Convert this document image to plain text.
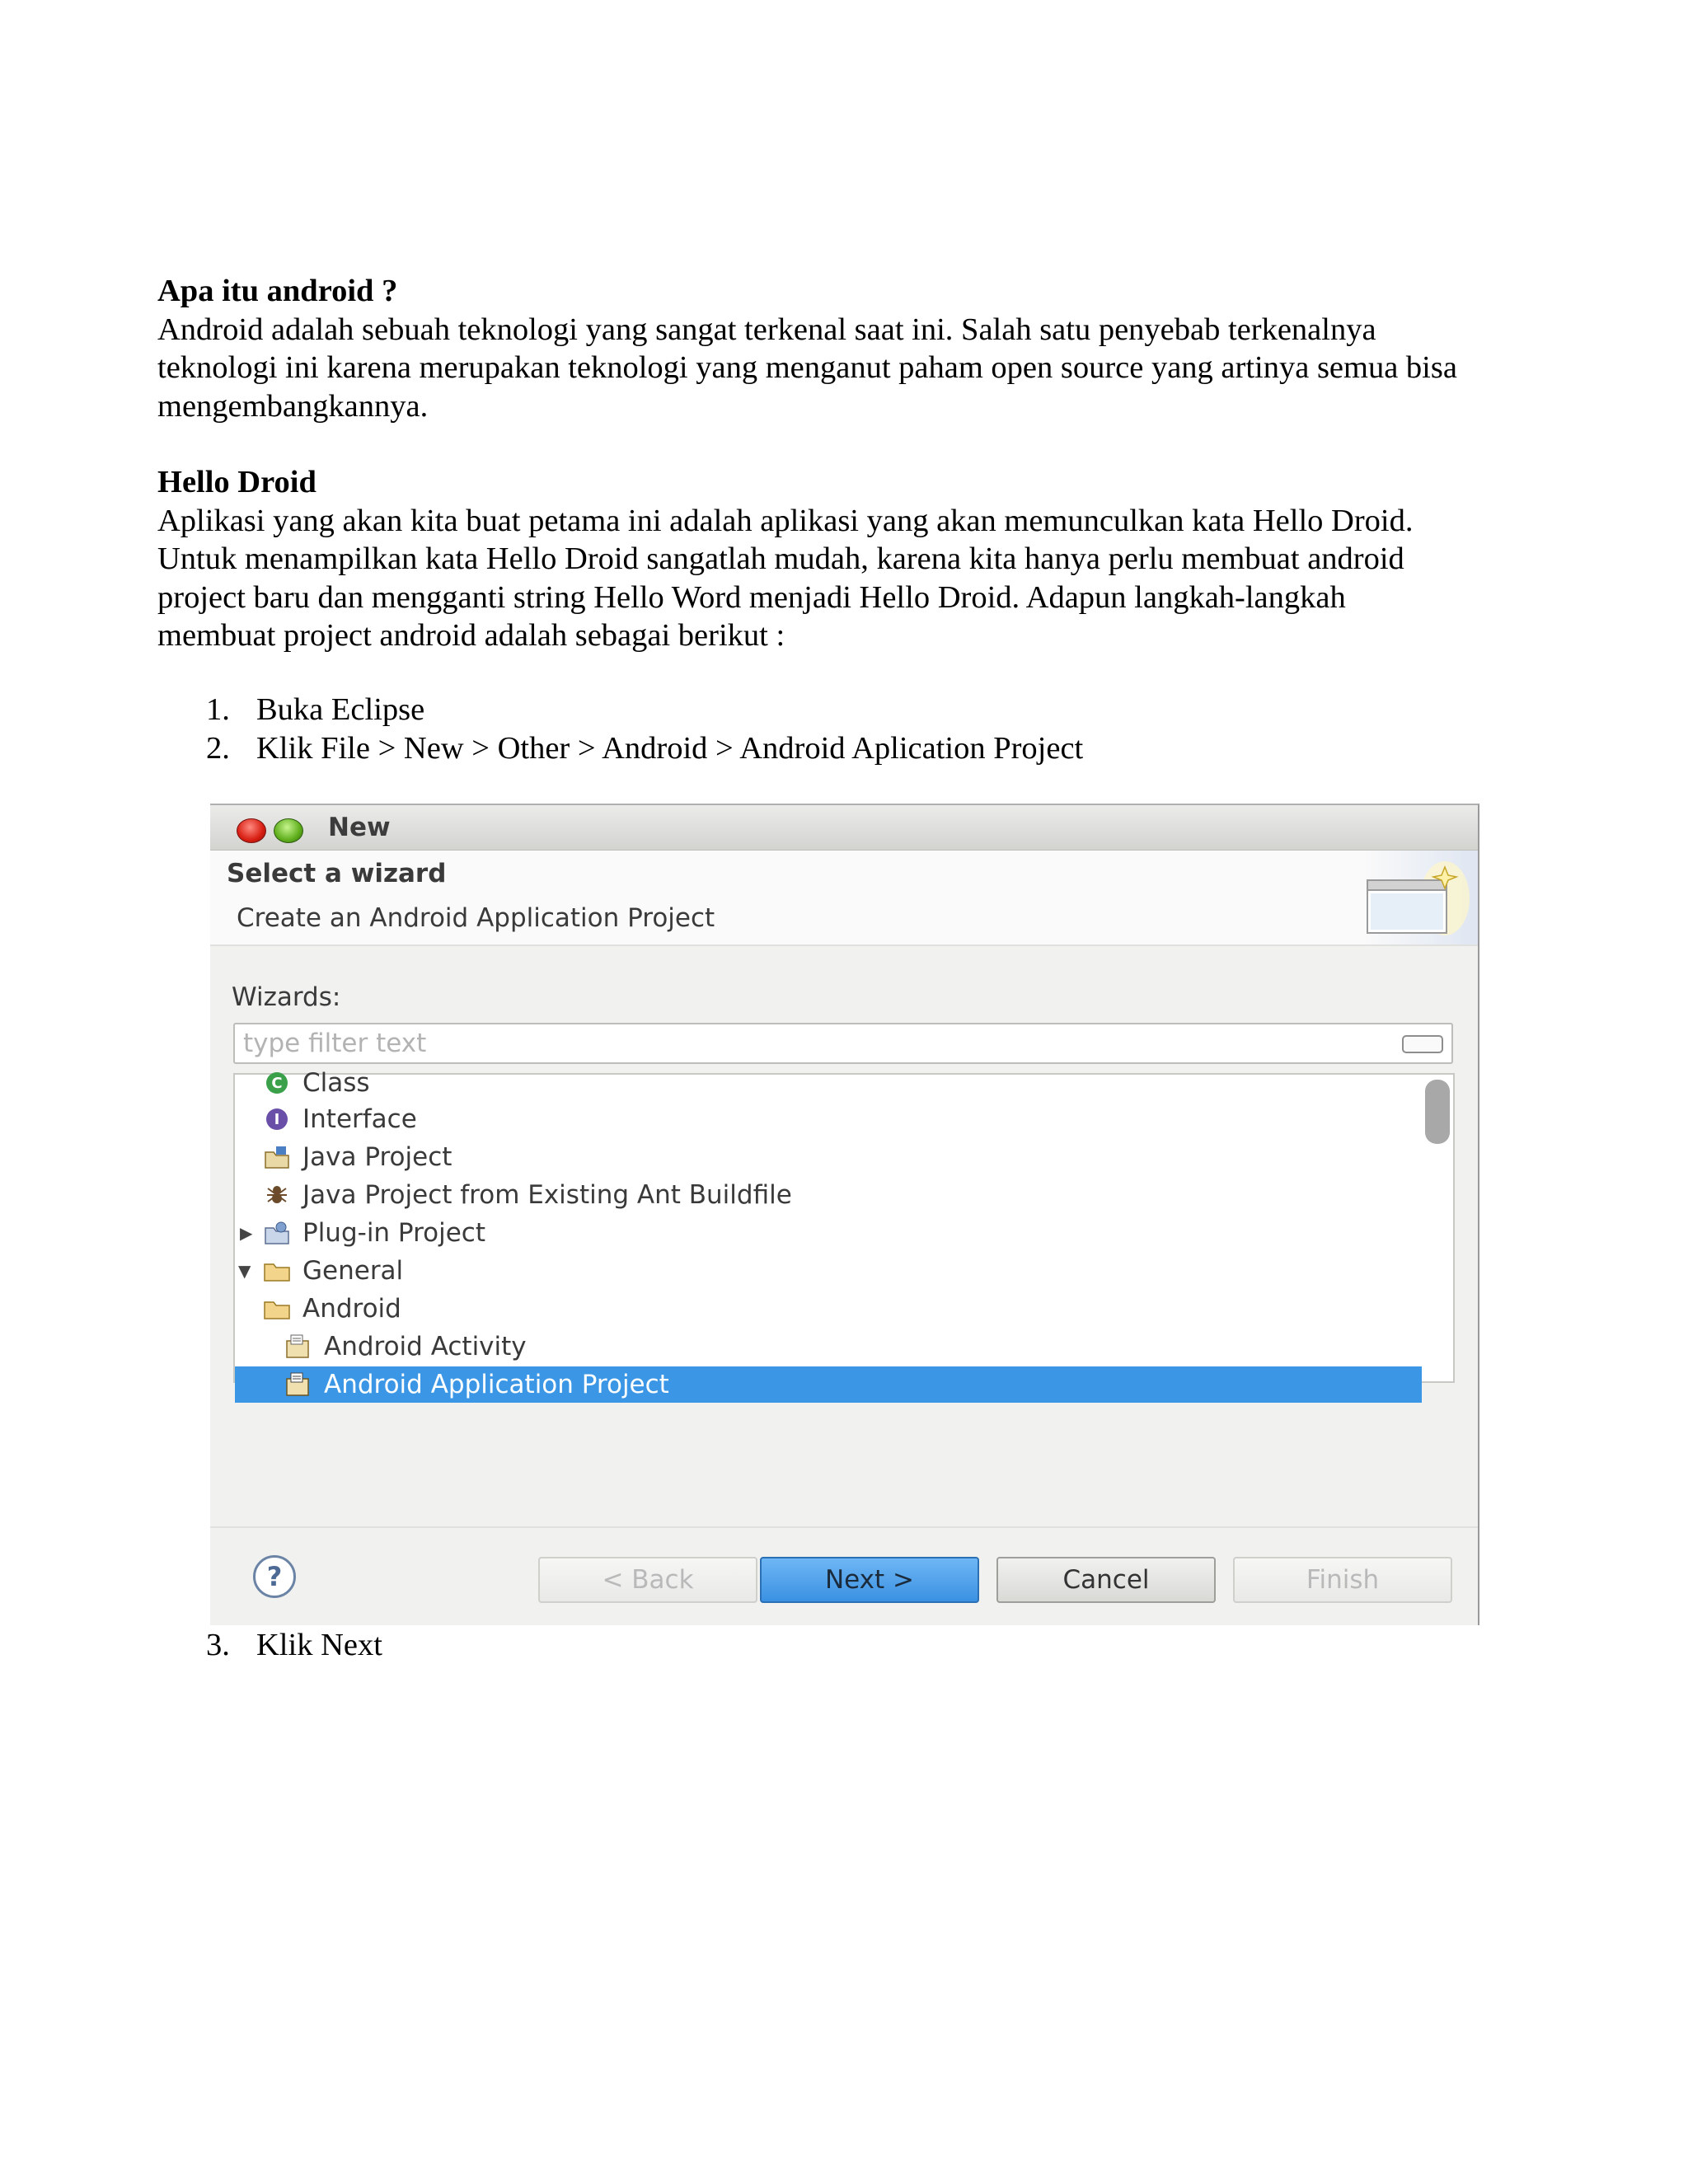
Apa itu android ?
Android adalah sebuah teknologi yang sangat terkenal saat ini. Salah satu penyebab terkenalnya
teknologi ini karena merupakan teknologi yang menganut paham open source yang artinya semua bisa
mengembangkannya.
Hello Droid
Aplikasi yang akan kita buat petama ini adalah aplikasi yang akan memunculkan kata Hello Droid.
Untuk menampilkan kata Hello Droid sangatlah mudah, karena kita hanya perlu membuat android
project baru dan mengganti string Hello Word menjadi Hello Droid. Adapun langkah-langkah
membuat project android adalah sebagai berikut :
1. Buka Eclipse
2. Klik File > New > Other > Android > Android Aplication Project
New
Select a wizard
Create an Android Application Project
Wizards:
type filter text
C Class
I Interface
Java Project
Java Project from Existing Ant Buildfile
Plug-in Project
▶
General
▼
Android
Android Activity
Android Application Project
?	< Back	Next >	Cancel	Finish
3. Klik Next
